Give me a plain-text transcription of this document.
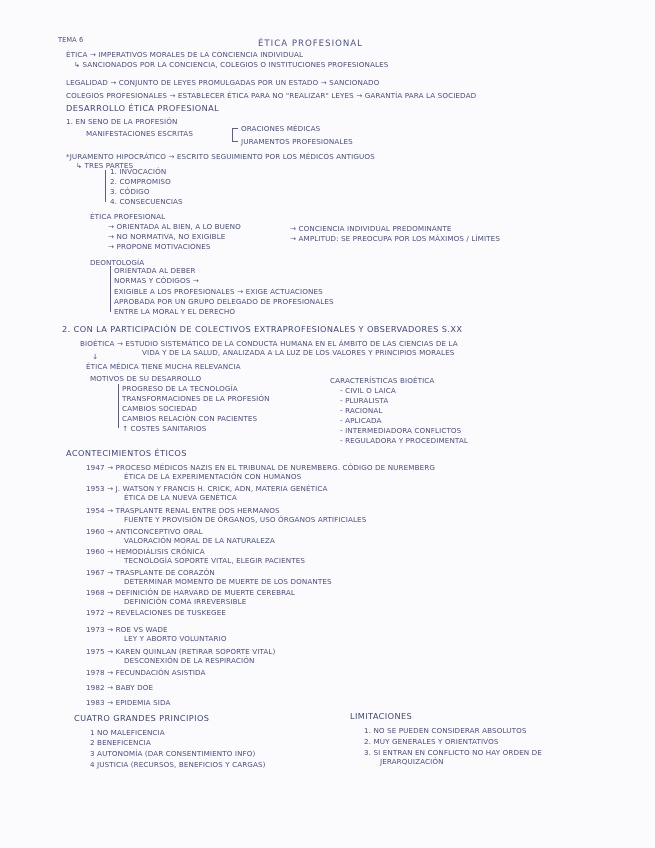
TEMA 6	ÉTICA PROFESIONAL
ÉTICA → IMPERATIVOS MORALES DE LA CONCIENCIA INDIVIDUAL
↳ SANCIONADOS POR LA CONCIENCIA, COLEGIOS O INSTITUCIONES PROFESIONALES
LEGALIDAD → CONJUNTO DE LEYES PROMULGADAS POR UN ESTADO → SANCIONADO
COLEGIOS PROFESIONALES → ESTABLECER ÉTICA PARA NO "REALIZAR" LEYES → GARANTÍA PARA LA SOCIEDAD
DESARROLLO ÉTICA PROFESIONAL
1. EN SENO DE LA PROFESIÓN
MANIFESTACIONES ESCRITAS
ORACIONES MÉDICAS
JURAMENTOS PROFESIONALES
*JURAMENTO HIPOCRÁTICO → ESCRITO SEGUIMIENTO POR LOS MÉDICOS ANTIGUOS
↳ TRES PARTES
1. INVOCACIÓN
2. COMPROMISO
3. CÓDIGO
4. CONSECUENCIAS
ÉTICA PROFESIONAL
→ ORIENTADA AL BIEN, A LO BUENO
→ NO NORMATIVA, NO EXIGIBLE
→ PROPONE MOTIVACIONES
→ CONCIENCIA INDIVIDUAL PREDOMINANTE
→ AMPLITUD: SE PREOCUPA POR LOS MÁXIMOS / LÍMITES
DEONTOLOGÍA
ORIENTADA AL DEBER
NORMAS Y CÓDIGOS →
EXIGIBLE A LOS PROFESIONALES → EXIGE ACTUACIONES
APROBADA POR UN GRUPO DELEGADO DE PROFESIONALES
ENTRE LA MORAL Y EL DERECHO
2. CON LA PARTICIPACIÓN DE COLECTIVOS EXTRAPROFESIONALES Y OBSERVADORES S.XX
BIOÉTICA → ESTUDIO SISTEMÁTICO DE LA CONDUCTA HUMANA EN EL ÁMBITO DE LAS CIENCIAS DE LA
VIDA Y DE LA SALUD, ANALIZADA A LA LUZ DE LOS VALORES Y PRINCIPIOS MORALES
↓
ÉTICA MÉDICA TIENE MUCHA RELEVANCIA
MOTIVOS DE SU DESARROLLO
PROGRESO DE LA TECNOLOGÍA
TRANSFORMACIONES DE LA PROFESIÓN
CAMBIOS SOCIEDAD
CAMBIOS RELACIÓN CON PACIENTES
↑ COSTES SANITARIOS
CARACTERÍSTICAS BIOÉTICA
- CIVIL O LAICA
- PLURALISTA
- RACIONAL
- APLICADA
- INTERMEDIADORA CONFLICTOS
- REGULADORA Y PROCEDIMENTAL
ACONTECIMIENTOS ÉTICOS
1947 → PROCESO MÉDICOS NAZIS EN EL TRIBUNAL DE NUREMBERG. CÓDIGO DE NUREMBERG
ÉTICA DE LA EXPERIMENTACIÓN CON HUMANOS
1953 → J. WATSON Y FRANCIS H. CRICK, ADN, MATERIA GENÉTICA
ÉTICA DE LA NUEVA GENÉTICA
1954 → TRASPLANTE RENAL ENTRE DOS HERMANOS
FUENTE Y PROVISIÓN DE ÓRGANOS, USO ÓRGANOS ARTIFICIALES
1960 → ANTICONCEPTIVO ORAL
VALORACIÓN MORAL DE LA NATURALEZA
1960 → HEMODIÁLISIS CRÓNICA
TECNOLOGÍA SOPORTE VITAL, ELEGIR PACIENTES
1967 → TRASPLANTE DE CORAZÓN
DETERMINAR MOMENTO DE MUERTE DE LOS DONANTES
1968 → DEFINICIÓN DE HARVARD DE MUERTE CEREBRAL
DEFINICIÓN COMA IRREVERSIBLE
1972 → REVELACIONES DE TUSKEGEE
1973 → ROE VS WADE
LEY Y ABORTO VOLUNTARIO
1975 → KAREN QUINLAN (RETIRAR SOPORTE VITAL)
DESCONEXIÓN DE LA RESPIRACIÓN
1978 → FECUNDACIÓN ASISTIDA
1982 → BABY DOE
1983 → EPIDEMIA SIDA
CUATRO GRANDES PRINCIPIOS
1 NO MALEFICENCIA
2 BENEFICENCIA
3 AUTONOMÍA (DAR CONSENTIMIENTO INFO)
4 JUSTICIA (RECURSOS, BENEFICIOS Y CARGAS)
LIMITACIONES
1. NO SE PUEDEN CONSIDERAR ABSOLUTOS
2. MUY GENERALES Y ORIENTATIVOS
3. SI ENTRAN EN CONFLICTO NO HAY ORDEN DE
JERARQUIZACIÓN
